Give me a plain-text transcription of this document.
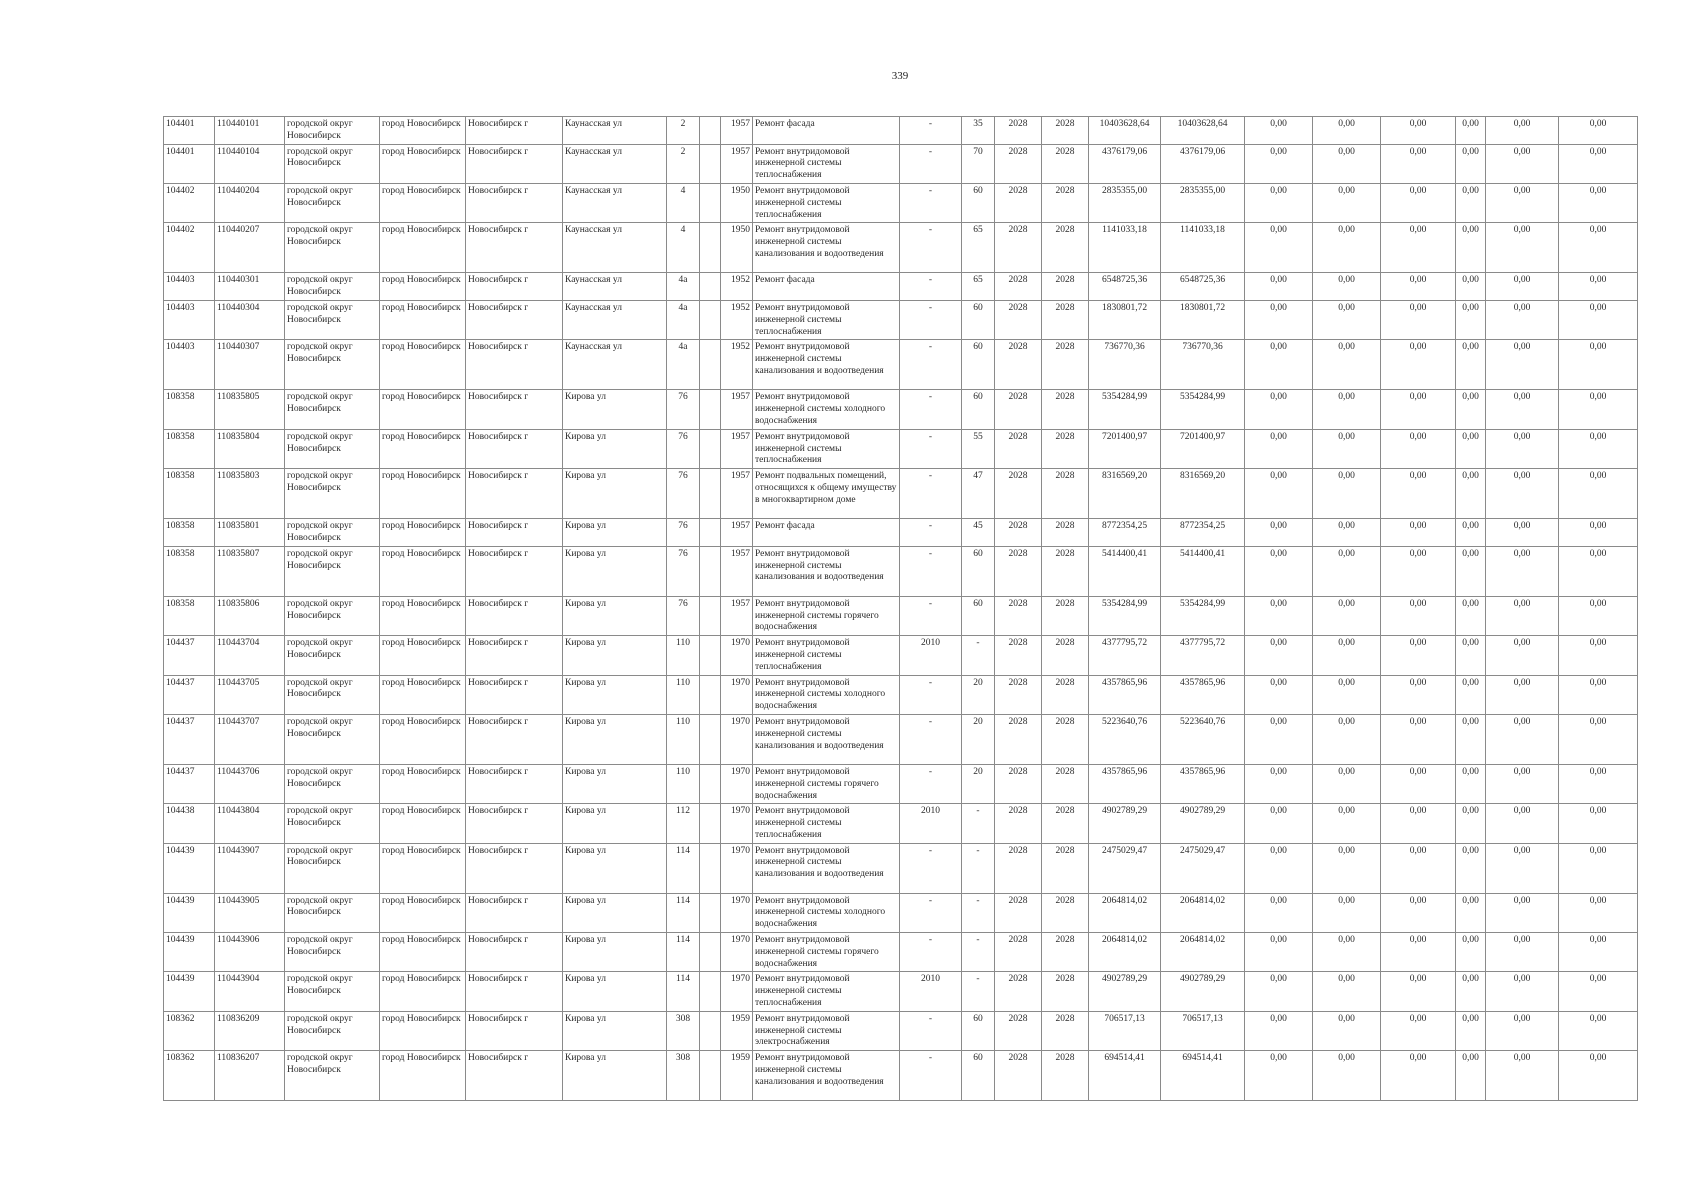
339
104401	110440101	городской округ Новосибирск	город Новосибирск	Новосибирск г	Каунасская ул	2		1957	Ремонт фасада	-	35	2028	2028	10403628,64	10403628,64	0,00	0,00	0,00	0,00	0,00	0,00
104401	110440104	городской округ Новосибирск	город Новосибирск	Новосибирск г	Каунасская ул	2		1957	Ремонт внутридомовой инженерной системы теплоснабжения	-	70	2028	2028	4376179,06	4376179,06	0,00	0,00	0,00	0,00	0,00	0,00
104402	110440204	городской округ Новосибирск	город Новосибирск	Новосибирск г	Каунасская ул	4		1950	Ремонт внутридомовой инженерной системы теплоснабжения	-	60	2028	2028	2835355,00	2835355,00	0,00	0,00	0,00	0,00	0,00	0,00
104402	110440207	городской округ Новосибирск	город Новосибирск	Новосибирск г	Каунасская ул	4		1950	Ремонт внутридомовой инженерной системы канализования и водоотведения	-	65	2028	2028	1141033,18	1141033,18	0,00	0,00	0,00	0,00	0,00	0,00
104403	110440301	городской округ Новосибирск	город Новосибирск	Новосибирск г	Каунасская ул	4а		1952	Ремонт фасада	-	65	2028	2028	6548725,36	6548725,36	0,00	0,00	0,00	0,00	0,00	0,00
104403	110440304	городской округ Новосибирск	город Новосибирск	Новосибирск г	Каунасская ул	4а		1952	Ремонт внутридомовой инженерной системы теплоснабжения	-	60	2028	2028	1830801,72	1830801,72	0,00	0,00	0,00	0,00	0,00	0,00
104403	110440307	городской округ Новосибирск	город Новосибирск	Новосибирск г	Каунасская ул	4а		1952	Ремонт внутридомовой инженерной системы канализования и водоотведения	-	60	2028	2028	736770,36	736770,36	0,00	0,00	0,00	0,00	0,00	0,00
108358	110835805	городской округ Новосибирск	город Новосибирск	Новосибирск г	Кирова ул	76		1957	Ремонт внутридомовой инженерной системы холодного водоснабжения	-	60	2028	2028	5354284,99	5354284,99	0,00	0,00	0,00	0,00	0,00	0,00
108358	110835804	городской округ Новосибирск	город Новосибирск	Новосибирск г	Кирова ул	76		1957	Ремонт внутридомовой инженерной системы теплоснабжения	-	55	2028	2028	7201400,97	7201400,97	0,00	0,00	0,00	0,00	0,00	0,00
108358	110835803	городской округ Новосибирск	город Новосибирск	Новосибирск г	Кирова ул	76		1957	Ремонт подвальных помещений, относящихся к общему имуществу в многоквартирном доме	-	47	2028	2028	8316569,20	8316569,20	0,00	0,00	0,00	0,00	0,00	0,00
108358	110835801	городской округ Новосибирск	город Новосибирск	Новосибирск г	Кирова ул	76		1957	Ремонт фасада	-	45	2028	2028	8772354,25	8772354,25	0,00	0,00	0,00	0,00	0,00	0,00
108358	110835807	городской округ Новосибирск	город Новосибирск	Новосибирск г	Кирова ул	76		1957	Ремонт внутридомовой инженерной системы канализования и водоотведения	-	60	2028	2028	5414400,41	5414400,41	0,00	0,00	0,00	0,00	0,00	0,00
108358	110835806	городской округ Новосибирск	город Новосибирск	Новосибирск г	Кирова ул	76		1957	Ремонт внутридомовой инженерной системы горячего водоснабжения	-	60	2028	2028	5354284,99	5354284,99	0,00	0,00	0,00	0,00	0,00	0,00
104437	110443704	городской округ Новосибирск	город Новосибирск	Новосибирск г	Кирова ул	110		1970	Ремонт внутридомовой инженерной системы теплоснабжения	2010	-	2028	2028	4377795,72	4377795,72	0,00	0,00	0,00	0,00	0,00	0,00
104437	110443705	городской округ Новосибирск	город Новосибирск	Новосибирск г	Кирова ул	110		1970	Ремонт внутридомовой инженерной системы холодного водоснабжения	-	20	2028	2028	4357865,96	4357865,96	0,00	0,00	0,00	0,00	0,00	0,00
104437	110443707	городской округ Новосибирск	город Новосибирск	Новосибирск г	Кирова ул	110		1970	Ремонт внутридомовой инженерной системы канализования и водоотведения	-	20	2028	2028	5223640,76	5223640,76	0,00	0,00	0,00	0,00	0,00	0,00
104437	110443706	городской округ Новосибирск	город Новосибирск	Новосибирск г	Кирова ул	110		1970	Ремонт внутридомовой инженерной системы горячего водоснабжения	-	20	2028	2028	4357865,96	4357865,96	0,00	0,00	0,00	0,00	0,00	0,00
104438	110443804	городской округ Новосибирск	город Новосибирск	Новосибирск г	Кирова ул	112		1970	Ремонт внутридомовой инженерной системы теплоснабжения	2010	-	2028	2028	4902789,29	4902789,29	0,00	0,00	0,00	0,00	0,00	0,00
104439	110443907	городской округ Новосибирск	город Новосибирск	Новосибирск г	Кирова ул	114		1970	Ремонт внутридомовой инженерной системы канализования и водоотведения	-	-	2028	2028	2475029,47	2475029,47	0,00	0,00	0,00	0,00	0,00	0,00
104439	110443905	городской округ Новосибирск	город Новосибирск	Новосибирск г	Кирова ул	114		1970	Ремонт внутридомовой инженерной системы холодного водоснабжения	-	-	2028	2028	2064814,02	2064814,02	0,00	0,00	0,00	0,00	0,00	0,00
104439	110443906	городской округ Новосибирск	город Новосибирск	Новосибирск г	Кирова ул	114		1970	Ремонт внутридомовой инженерной системы горячего водоснабжения	-	-	2028	2028	2064814,02	2064814,02	0,00	0,00	0,00	0,00	0,00	0,00
104439	110443904	городской округ Новосибирск	город Новосибирск	Новосибирск г	Кирова ул	114		1970	Ремонт внутридомовой инженерной системы теплоснабжения	2010	-	2028	2028	4902789,29	4902789,29	0,00	0,00	0,00	0,00	0,00	0,00
108362	110836209	городской округ Новосибирск	город Новосибирск	Новосибирск г	Кирова ул	308		1959	Ремонт внутридомовой инженерной системы электроснабжения	-	60	2028	2028	706517,13	706517,13	0,00	0,00	0,00	0,00	0,00	0,00
108362	110836207	городской округ Новосибирск	город Новосибирск	Новосибирск г	Кирова ул	308		1959	Ремонт внутридомовой инженерной системы канализования и водоотведения	-	60	2028	2028	694514,41	694514,41	0,00	0,00	0,00	0,00	0,00	0,00
